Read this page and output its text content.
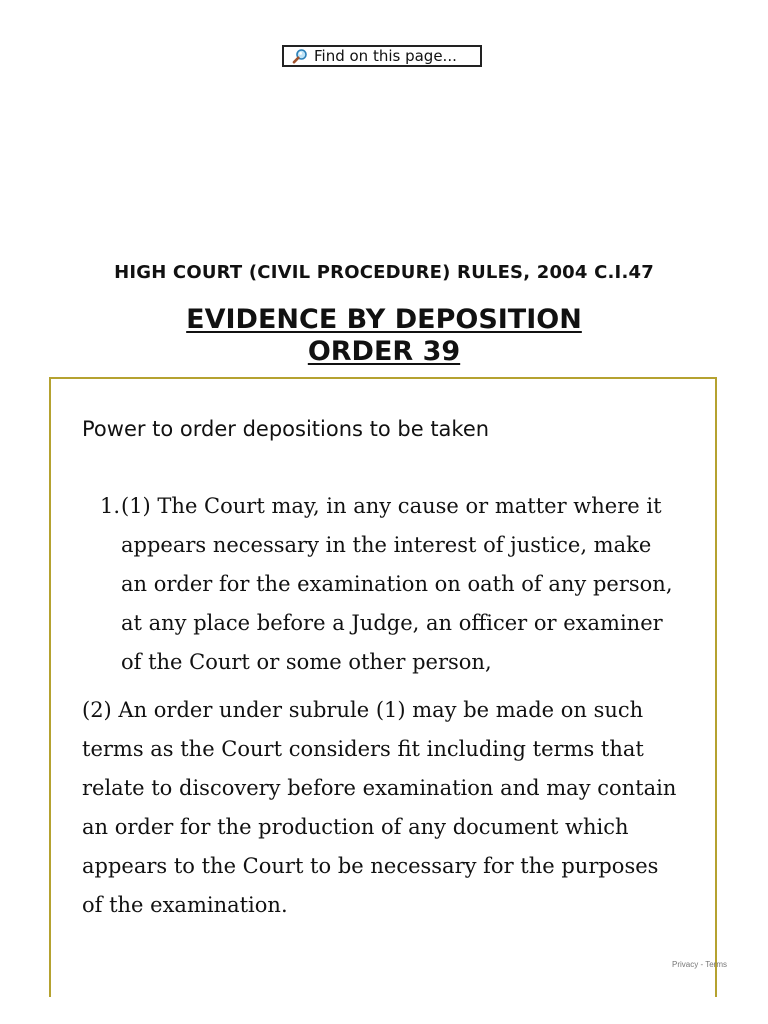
Find on this page...
HIGH COURT (CIVIL PROCEDURE) RULES, 2004 C.I.47
EVIDENCE BY DEPOSITION
ORDER 39
Power to order depositions to be taken
1. (1) The Court may, in any cause or matter where it appears necessary in the interest of justice, make an order for the examination on oath of any person, at any place before a Judge, an officer or examiner of the Court or some other person,

(2) An order under subrule (1) may be made on such terms as the Court considers fit including terms that relate to discovery before examination and may contain an order for the production of any document which appears to the Court to be necessary for the purposes of the examination.

Privacy - Terms
